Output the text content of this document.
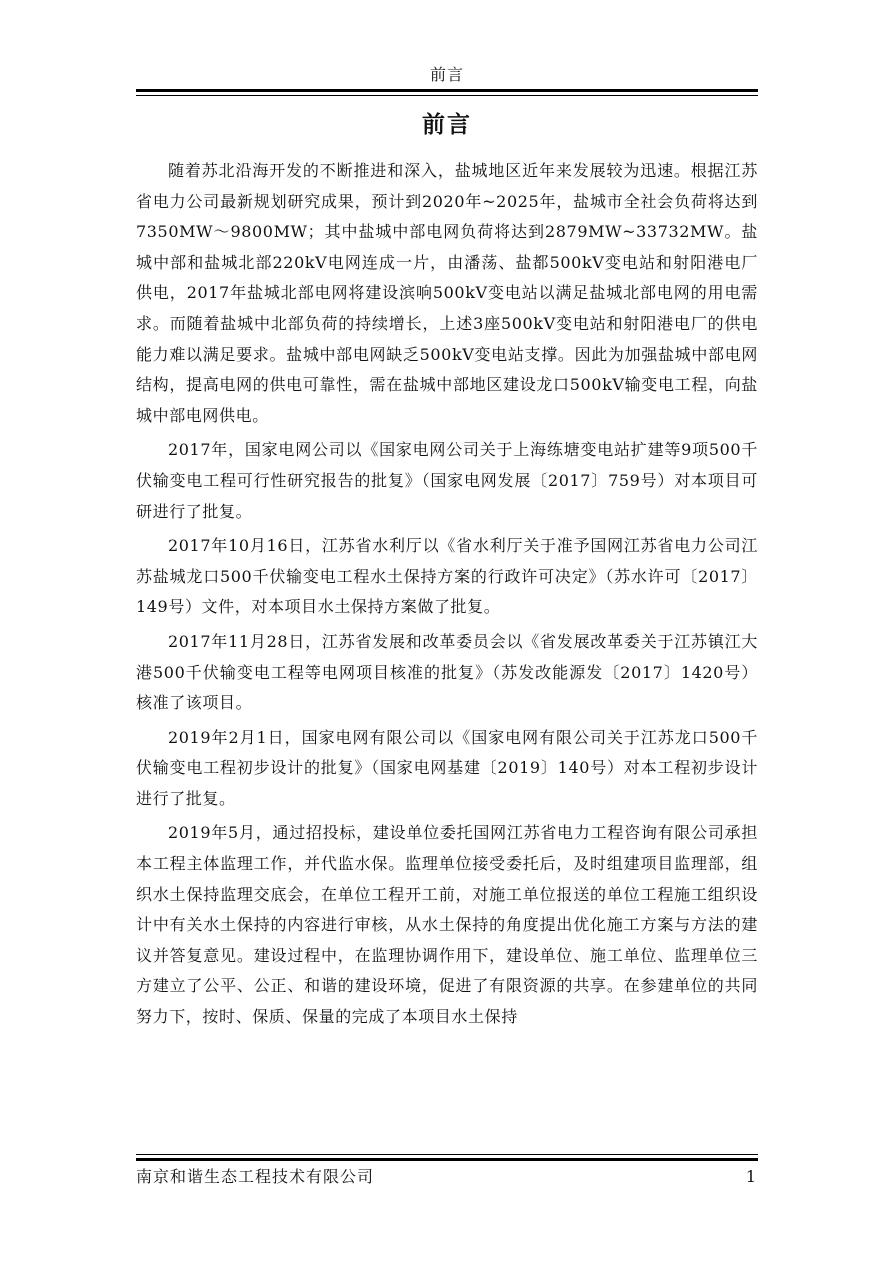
前言
前言

随着苏北沿海开发的不断推进和深入，盐城地区近年来发展较为迅速。根据江苏省电力公司最新规划研究成果，预计到2020年~2025年，盐城市全社会负荷将达到7350MW～9800MW；其中盐城中部电网负荷将达到2879MW~33732MW。盐城中部和盐城北部220kV电网连成一片，由潘荡、盐都500kV变电站和射阳港电厂供电，2017年盐城北部电网将建设滨响500kV变电站以满足盐城北部电网的用电需求。而随着盐城中北部负荷的持续增长，上述3座500kV变电站和射阳港电厂的供电能力难以满足要求。盐城中部电网缺乏500kV变电站支撑。因此为加强盐城中部电网结构，提高电网的供电可靠性，需在盐城中部地区建设龙口500kV输变电工程，向盐城中部电网供电。

2017年，国家电网公司以《国家电网公司关于上海练塘变电站扩建等9项500千伏输变电工程可行性研究报告的批复》（国家电网发展〔2017〕759号）对本项目可研进行了批复。

2017年10月16日，江苏省水利厅以《省水利厅关于准予国网江苏省电力公司江苏盐城龙口500千伏输变电工程水土保持方案的行政许可决定》（苏水许可〔2017〕149号）文件，对本项目水土保持方案做了批复。

2017年11月28日，江苏省发展和改革委员会以《省发展改革委关于江苏镇江大港500千伏输变电工程等电网项目核准的批复》（苏发改能源发〔2017〕1420号）核准了该项目。

2019年2月1日，国家电网有限公司以《国家电网有限公司关于江苏龙口500千伏输变电工程初步设计的批复》（国家电网基建〔2019〕140号）对本工程初步设计进行了批复。

2019年5月，通过招投标，建设单位委托国网江苏省电力工程咨询有限公司承担本工程主体监理工作，并代监水保。监理单位接受委托后，及时组建项目监理部，组织水土保持监理交底会，在单位工程开工前，对施工单位报送的单位工程施工组织设计中有关水土保持的内容进行审核，从水土保持的角度提出优化施工方案与方法的建议并答复意见。建设过程中，在监理协调作用下，建设单位、施工单位、监理单位三方建立了公平、公正、和谐的建设环境，促进了有限资源的共享。在参建单位的共同努力下，按时、保质、保量的完成了本项目水土保持

南京和谐生态工程技术有限公司	1
